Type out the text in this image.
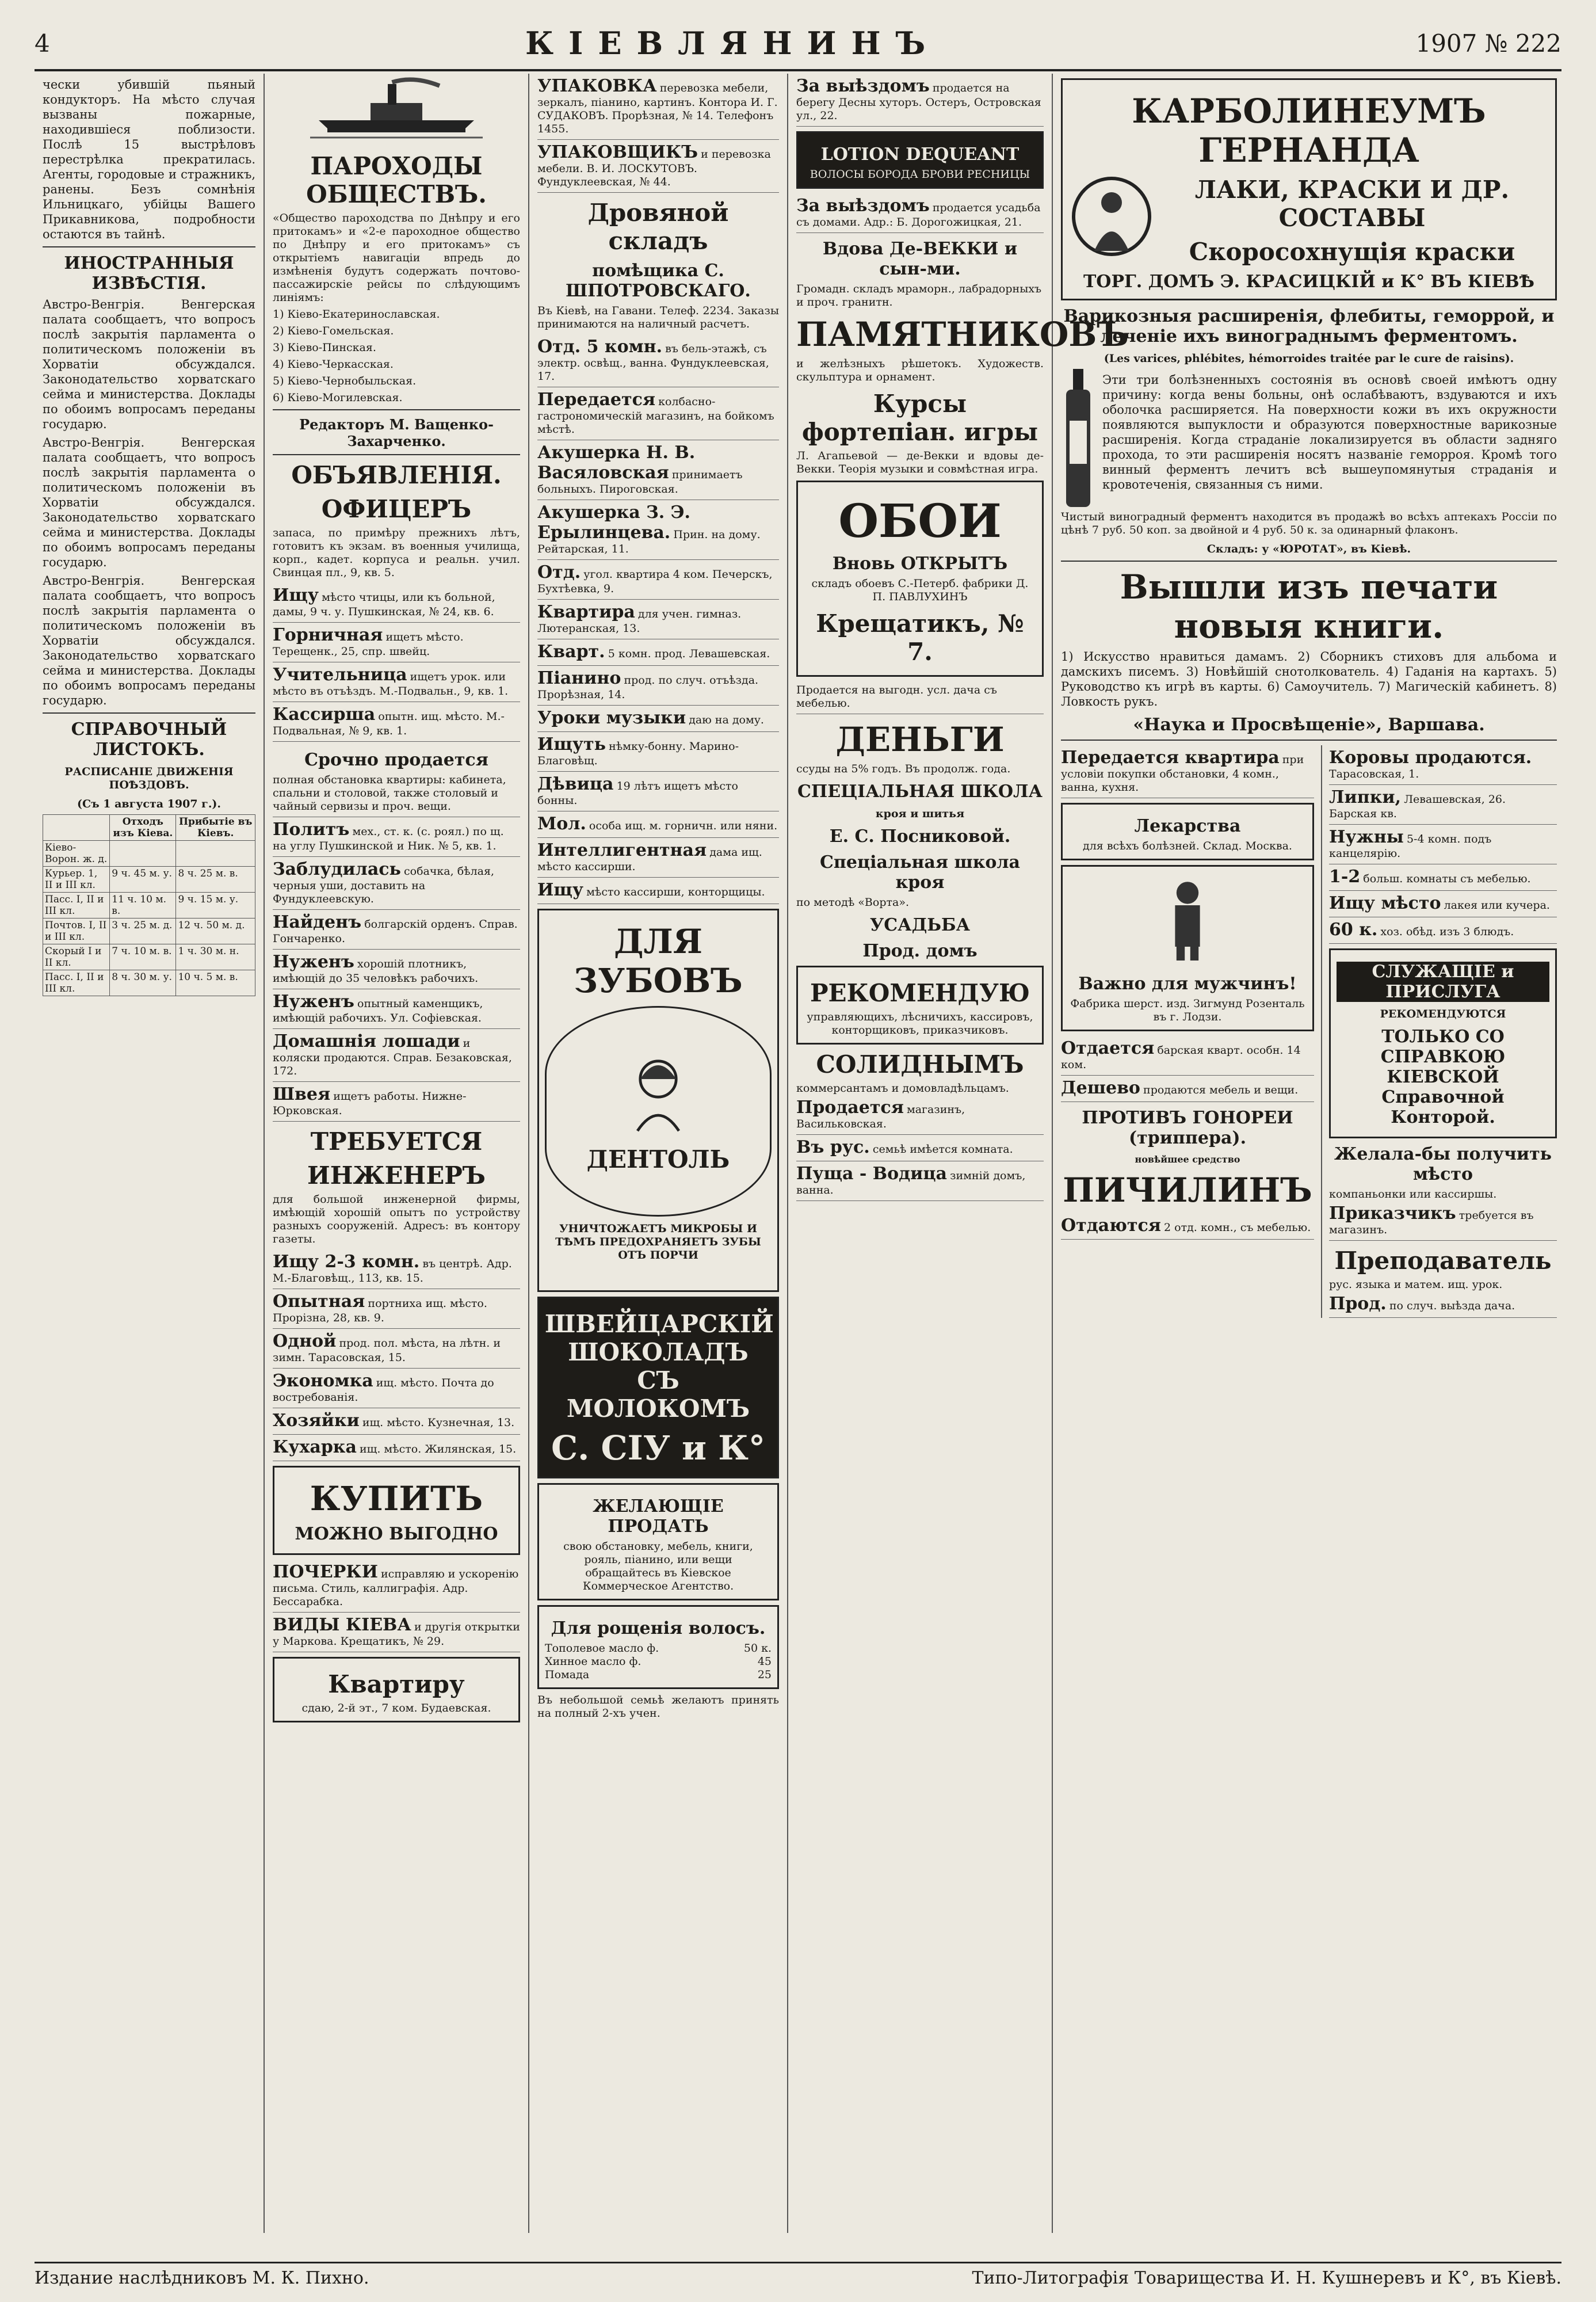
4	КІЕВЛЯНИНЪ	1907 № 222

чески убившій пьяный кондукторъ. На мѣсто случая вызваны пожарные, находившіеся поблизости. Послѣ 15 выстрѣловъ перестрѣлка прекратилась. Агенты, городовые и стражникъ, ранены. Безъ сомнѣнія Ильницкаго, убійцы Вашего Прикавникова, подробности остаются въ тайнѣ.

ИНОСТРАННЫЯ ИЗВѢСТІЯ.

Австро-Венгрія. Венгерская палата сообщаетъ, что вопросъ послѣ закрытія парламента о политическомъ положеніи въ Хорватіи обсуждался. Законодательство хорватскаго сейма и министерства. Доклады по обоимъ вопросамъ переданы государю.

Австро-Венгрія. Венгерская палата сообщаетъ, что вопросъ послѣ закрытія парламента о политическомъ положеніи въ Хорватіи обсуждался. Законодательство хорватскаго сейма и министерства. Доклады по обоимъ вопросамъ переданы государю.

Австро-Венгрія. Венгерская палата сообщаетъ, что вопросъ послѣ закрытія парламента о политическомъ положеніи въ Хорватіи обсуждался. Законодательство хорватскаго сейма и министерства. Доклады по обоимъ вопросамъ переданы государю.

СПРАВОЧНЫЙ ЛИСТОКЪ.
РАСПИСАНІЕ ДВИЖЕНІЯ ПОѢЗДОВЪ.
(Съ 1 августа 1907 г.).
	Отходъ изъ Кіева.	Прибытіе въ Кіевъ.
Кіево-Ворон. ж. д.		
Курьер. 1, II и III кл.	9 ч. 45 м. у.	8 ч. 25 м. в.
Пасс. I, II и III кл.	11 ч. 10 м. в.	9 ч. 15 м. у.
Почтов. I, II и III кл.	3 ч. 25 м. д.	12 ч. 50 м. д.
Скорый I и II кл.	7 ч. 10 м. в.	1 ч. 30 м. н.
Пасс. I, II и III кл.	8 ч. 30 м. у.	10 ч. 5 м. в.
ПАРОХОДЫ ОБЩЕСТВЪ.

«Общество пароходства по Днѣпру и его притокамъ» и «2-е пароходное общество по Днѣпру и его притокамъ» съ открытіемъ навигаціи впредь до измѣненія будутъ содержать почтово-пассажирскіе рейсы по слѣдующимъ линіямъ:

1) Кіево-Екатеринославская.
2) Кіево-Гомельская.
3) Кіево-Пинская.
4) Кіево-Черкасская.
5) Кіево-Чернобыльская.
6) Кіево-Могилевская.
Редакторъ М. Ващенко-Захарченко.
ОБЪЯВЛЕНІЯ.
ОФИЦЕРЪ

запаса, по примѣру прежнихъ лѣтъ, готовитъ къ экзам. въ военныя училища, корп., кадет. корпуса и реальн. учил. Свинцая пл., 9, кв. 5.

Ищу мѣсто чтицы, или къ больной, дамы, 9 ч. у. Пушкинская, № 24, кв. 6.
Горничная ищетъ мѣсто. Терещенк., 25, спр. швейц.
Учительница ищетъ урок. или мѣсто въ отъѣздъ. М.-Подвальн., 9, кв. 1.
Кассирша опытн. ищ. мѣсто. М.-Подвальная, № 9, кв. 1.
Срочно продается
полная обстановка квартиры: кабинета, спальни и столовой, также столовый и чайный сервизы и проч. вещи.
Политъ мех., ст. к. (с. роял.) по щ. на углу Пушкинской и Ник. № 5, кв. 1.
Заблудилась собачка, бѣлая, черныя уши, доставить на Фундуклеевскую.
Найденъ болгарскій орденъ. Справ. Гончаренко.
Нуженъ хорошій плотникъ, имѣющій до 35 человѣкъ рабочихъ.
Нуженъ опытный каменщикъ, имѣющій рабочихъ. Ул. Софіевская.
Домашнія лошади и коляски продаются. Справ. Безаковская, 172.
Швея ищетъ работы. Нижне-Юрковская.
ТРЕБУЕТСЯ
ИНЖЕНЕРЪ

для большой инженерной фирмы, имѣющій хорошій опытъ по устройству разныхъ сооруженій. Адресъ: въ контору газеты.

Ищу 2-3 комн. въ центрѣ. Адр. М.-Благовѣщ., 113, кв. 15.
Опытная портниха ищ. мѣсто. Прорізна, 28, кв. 9.
Одной прод. пол. мѣста, на лѣтн. и зимн. Тарасовская, 15.
Экономка ищ. мѣсто. Почта до востребованія.
Хозяйки ищ. мѣсто. Кузнечная, 13.
Кухарка ищ. мѣсто. Жилянская, 15.
КУПИТЬ
МОЖНО ВЫГОДНО
ПОЧЕРКИ исправляю и ускоренію письма. Стиль, каллиграфія. Адр. Бессарабка.
ВИДЫ КІЕВА и другія открытки у Маркова. Крещатикъ, № 29.
Квартиру
сдаю, 2-й эт., 7 ком. Будаевская.
УПАКОВКА перевозка мебели, зеркалъ, піанино, картинъ. Контора И. Г. СУДАКОВЪ. Прорѣзная, № 14. Телефонъ 1455.
УПАКОВЩИКЪ и перевозка мебели. В. И. ЛОСКУТОВЪ. Фундуклеевская, № 44.
Дровяной складъ
помѣщика С. ШПОТРОВСКАГО.

Въ Кіевѣ, на Гавани. Телеф. 2234. Заказы принимаются на наличный расчетъ.

Отд. 5 комн. въ бель-этажѣ, съ электр. освѣщ., ванна. Фундуклеевская, 17.
Передается колбасно-гастрономическій магазинъ, на бойкомъ мѣстѣ.
Акушерка Н. В. Васяловская принимаетъ больныхъ. Пироговская.
Акушерка З. Э. Ерылинцева. Прин. на дому. Рейтарская, 11.
Отд. угол. квартира 4 ком. Печерскъ, Бухтѣевка, 9.
Квартира для учен. гимназ. Лютеранская, 13.
Кварт. 5 комн. прод. Левашевская.
Піанино прод. по случ. отъѣзда. Прорѣзная, 14.
Уроки музыки даю на дому.
Ищуть нѣмку-бонну. Марино-Благовѣщ.
Дѣвица 19 лѣтъ ищетъ мѣсто бонны.
Мол. особа ищ. м. горничн. или няни.
Интеллигентная дама ищ. мѣсто кассирши.
Ищу мѣсто кассирши, конторщицы.
ДЛЯ ЗУБОВЪ
ДЕНТОЛЬ
УНИЧТОЖАЕТЪ МИКРОБЫ И ТѢМЪ ПРЕДОХРАНЯЕТЪ ЗУБЫ ОТЪ ПОРЧИ
ШВЕЙЦАРСКІЙ ШОКОЛАДЪ СЪ МОЛОКОМЪ
С. СІУ и К°
ЖЕЛАЮЩІЕ ПРОДАТЬ
свою обстановку, мебель, книги, рояль, піанино, или вещи обращайтесь въ Кіевское Коммерческое Агентство.
Для рощенія волосъ.
Тополевое масло ф.	50 к.
Хинное масло ф.	45
Помада	25

Въ небольшой семьѣ желаютъ принять на полный 2-хъ учен.

За выѣздомъ продается на берегу Десны хуторъ. Остеръ, Островская ул., 22.
LOTION DEQUEANT
ВОЛОСЫ БОРОДА БРОВИ РЕСНИЦЫ
За выѣздомъ продается усадьба съ домами. Адр.: Б. Дорогожицкая, 21.
Вдова Де-ВЕККИ и сын-ми.
Громадн. складъ мраморн., лабрадорныхъ и проч. гранитн.
ПАМЯТНИКОВЪ

и желѣзныхъ рѣшетокъ. Художеств. скульптура и орнамент.

Курсы фортепіан. игры

Л. Агапьевой — де-Векки и вдовы де-Векки. Теорія музыки и совмѣстная игра.

ОБОИ
Вновь ОТКРЫТЪ
складъ обоевъ С.-Петерб. фабрики Д. П. ПАВЛУХИНЪ
Крещатикъ, № 7.
Продается на выгодн. усл. дача съ мебелью.
ДЕНЬГИ
ссуды на 5% годъ. Въ продолж. года.
СПЕЦІАЛЬНАЯ ШКОЛА
кроя и шитья
Е. С. Посниковой.
Спеціальная школа кроя
по методѣ «Ворта».
УСАДЬБА
Прод. домъ
РЕКОМЕНДУЮ
управляющихъ, лѣсничихъ, кассировъ, конторщиковъ, приказчиковъ.
СОЛИДНЫМЪ
коммерсантамъ и домовладѣльцамъ.
Продается магазинъ, Васильковская.
Въ рус. семьѣ имѣется комната.
Пуща - Водица зимній домъ, ванна.
КАРБОЛИНЕУМЪ ГЕРНАНДА
ЛАКИ, КРАСКИ И ДР. СОСТАВЫ
Скоросохнущія краски
ТОРГ. ДОМЪ Э. КРАСИЦКІЙ и К° ВЪ КІЕВѢ
Варикозныя расширенія, флебиты, геморрой, и леченіе ихъ винограднымъ ферментомъ.
(Les varices, phlébites, hémorroides traitée par le cure de raisins).

Эти три болѣзненныхъ состоянія въ основѣ своей имѣютъ одну причину: когда вены больны, онѣ ослабѣваютъ, вздуваются и ихъ оболочка расширяется. На поверхности кожи въ ихъ окружности появляются выпуклости и образуются поверхностные варикозные расширенія. Когда страданіе локализируется въ области задняго прохода, то эти расширенія носятъ названіе геморроя. Кромѣ того винный ферментъ лечитъ всѣ вышеупомянутыя страданія и кровотеченія, связанныя съ ними.

Чистый виноградный ферментъ находится въ продажѣ во всѣхъ аптекахъ Россіи по цѣнѣ 7 руб. 50 коп. за двойной и 4 руб. 50 к. за одинарный флаконъ.

Складъ: у «ЮРОТАТ», въ Кіевѣ.
Вышли изъ печати новыя книги.

1) Искусство нравиться дамамъ. 2) Сборникъ стиховъ для альбома и дамскихъ писемъ. 3) Новѣйшій снотолкователь. 4) Гаданія на картахъ. 5) Руководство къ игрѣ въ карты. 6) Самоучитель. 7) Магическій кабинетъ. 8) Ловкость рукъ.

«Наука и Просвѣщеніе», Варшава.
Передается квартира при условіи покупки обстановки, 4 комн., ванна, кухня.
Лекарства
для всѣхъ болѣзней. Склад. Москва.
Важно для мужчинъ!
Фабрика шерст. изд. Зигмунд Розенталь въ г. Лодзи.
Отдается барская кварт. особн. 14 ком.
Дешево продаются мебель и вещи.
ПРОТИВЪ ГОНОРЕИ (триппера).
новѣйшее средство
ПИЧИЛИНЪ
Отдаются 2 отд. комн., съ мебелью.
Коровы продаются. Тарасовская, 1.
Липки, Левашевская, 26. Барская кв.
Нужны 5-4 комн. подъ канцелярію.
1-2 больш. комнаты съ мебелью.
Ищу мѣсто лакея или кучера.
60 к. хоз. обѣд. изъ 3 блюдъ.
СЛУЖАЩІЕ и ПРИСЛУГА
РЕКОМЕНДУЮТСЯ
ТОЛЬКО СО СПРАВКОЮ КІЕВСКОЙ Справочной Конторой.
Желала-бы получить мѣсто
компаньонки или кассиршы.
Приказчикъ требуется въ магазинъ.
Преподаватель
рус. языка и матем. ищ. урок.
Прод. по случ. выѣзда дача.
Издание наслѣдниковъ М. К. Пихно.	Типо-Литографія Товарищества И. Н. Кушнеревъ и К°, въ Кіевѣ.
